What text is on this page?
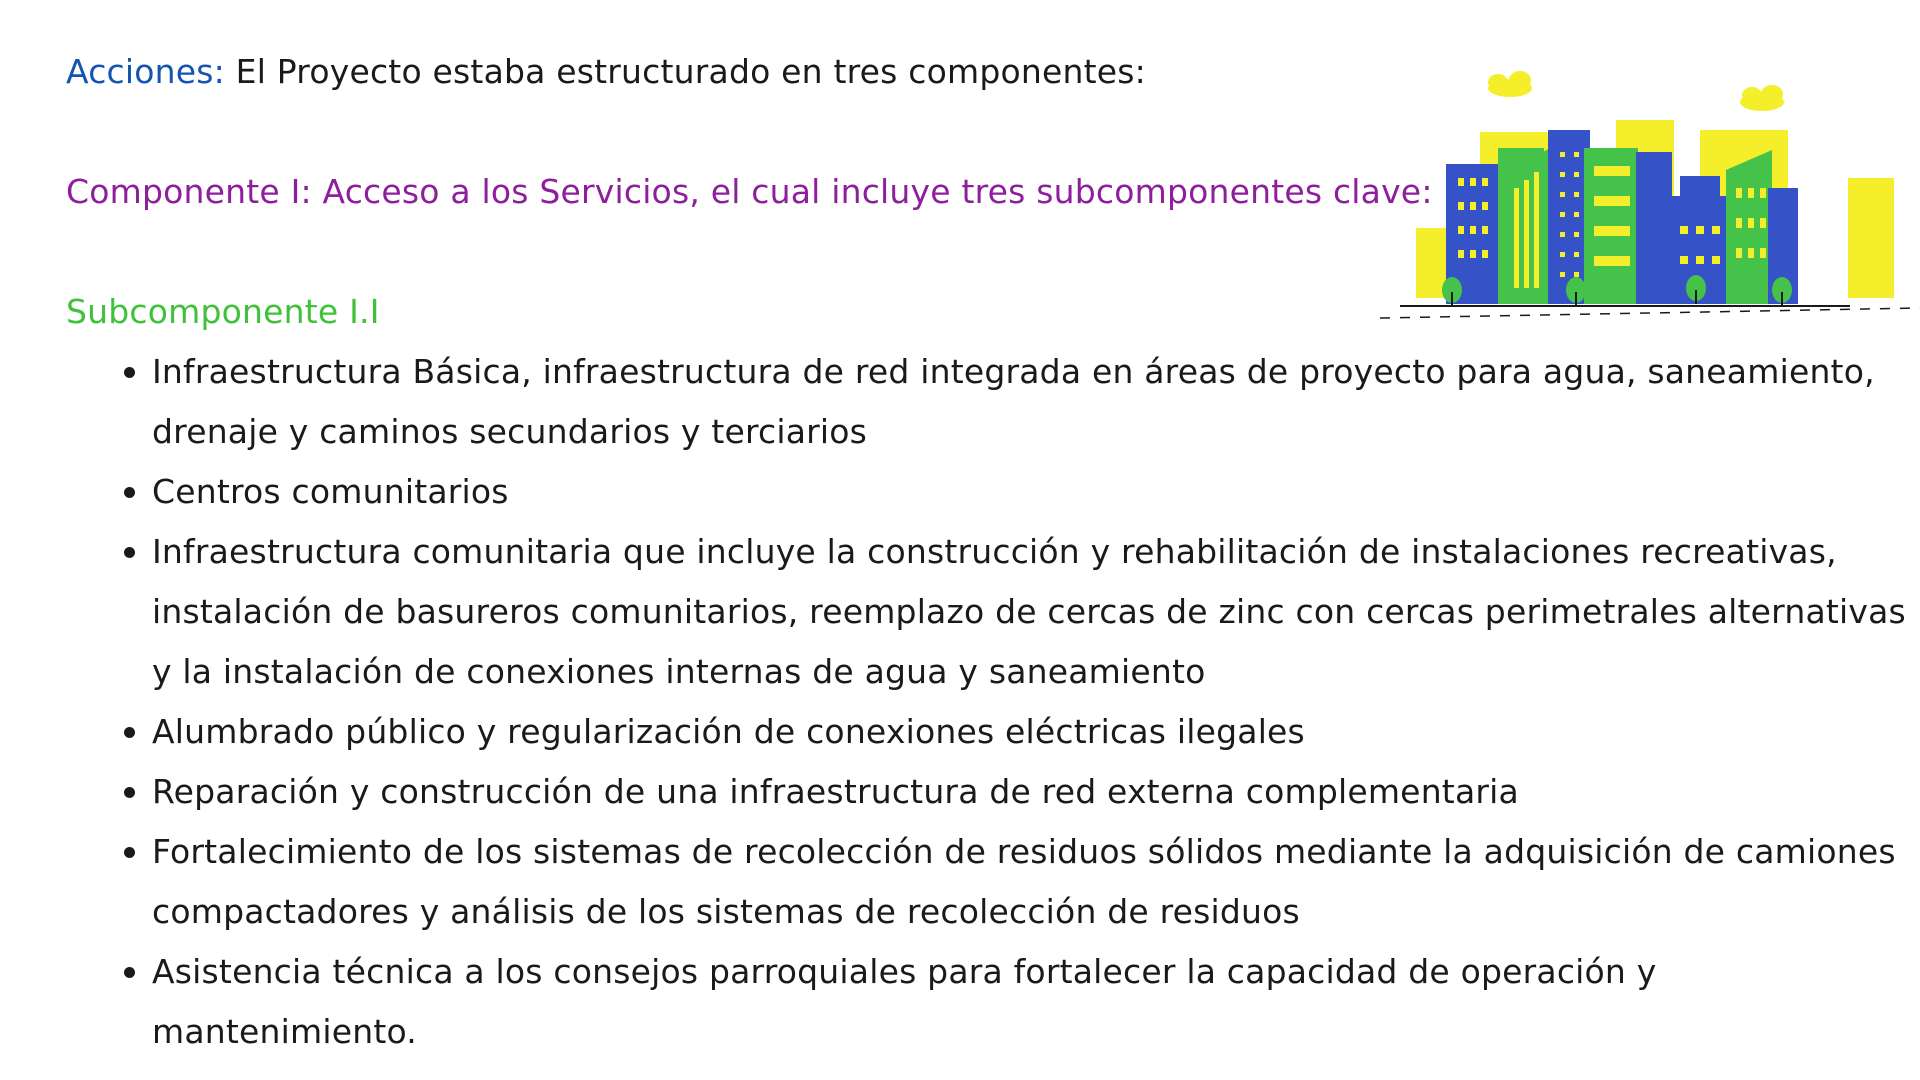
Acciones: El Proyecto estaba estructurado en tres componentes:
Componente I: Acceso a los Servicios, el cual incluye tres subcomponentes clave:
Subcomponente I.I
Infraestructura Básica, infraestructura de red integrada en áreas de proyecto para agua, saneamiento, drenaje y caminos secundarios y terciarios
Centros comunitarios
Infraestructura comunitaria que incluye la construcción y rehabilitación de instalaciones recreativas, instalación de basureros comunitarios, reemplazo de cercas de zinc con cercas perimetrales alternativas y la instalación de conexiones internas de agua y saneamiento
Alumbrado público y regularización de conexiones eléctricas ilegales
Reparación y construcción de una infraestructura de red externa complementaria
Fortalecimiento de los sistemas de recolección de residuos sólidos mediante la adquisición de camiones compactadores y análisis de los sistemas de recolección de residuos
Asistencia técnica a los consejos parroquiales para fortalecer la capacidad de operación y mantenimiento.
